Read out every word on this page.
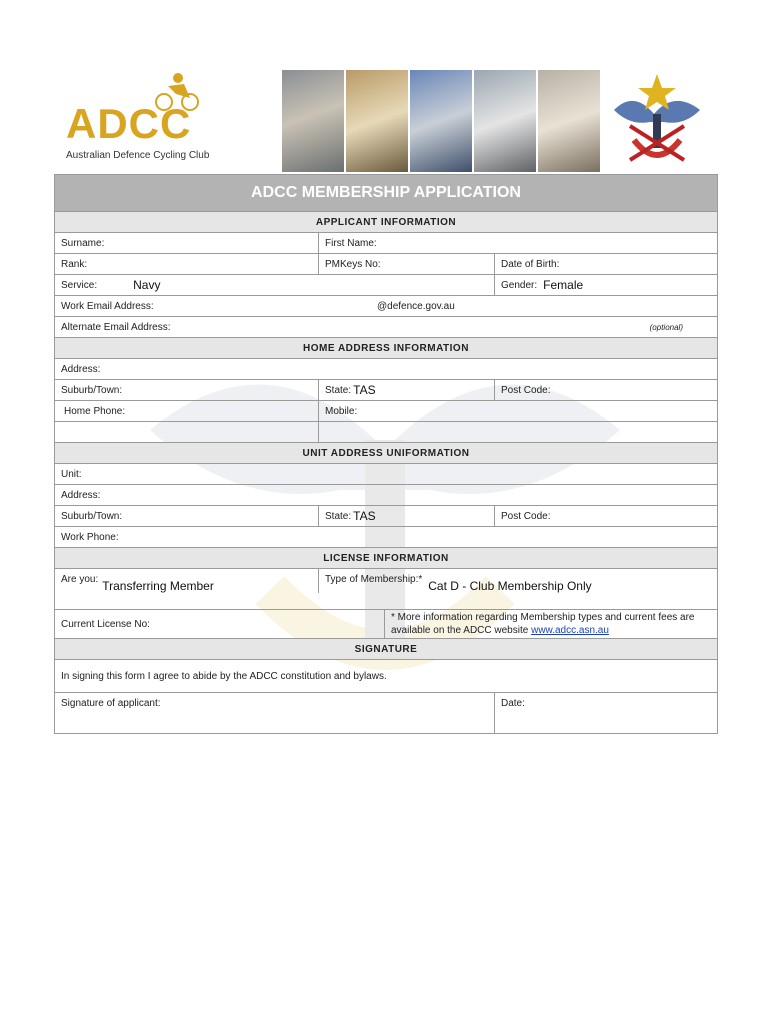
ADCC
Australian Defence Cycling Club
ADCC MEMBERSHIP APPLICATION
APPLICANT INFORMATION
Surname:	First Name:
Rank:	PMKeys No:	Date of Birth:
Service:	Navy	Gender: Female
Work Email Address:	@defence.gov.au
Alternate Email Address:	(optional)
HOME ADDRESS INFORMATION
Address:
Suburb/Town:	State: TAS	Post Code:
Home Phone:	Mobile:
UNIT ADDRESS UNIFORMATION
Unit:
Address:
Suburb/Town:	State: TAS	Post Code:
Work Phone:
LICENSE INFORMATION
Are you: Transferring Member	Type of Membership:* Cat D - Club Membership Only
Current License No:
* More information regarding Membership types and current fees are available on the ADCC website www.adcc.asn.au
SIGNATURE
In signing this form I agree to abide by the ADCC constitution and bylaws.
Signature of applicant:	Date:
